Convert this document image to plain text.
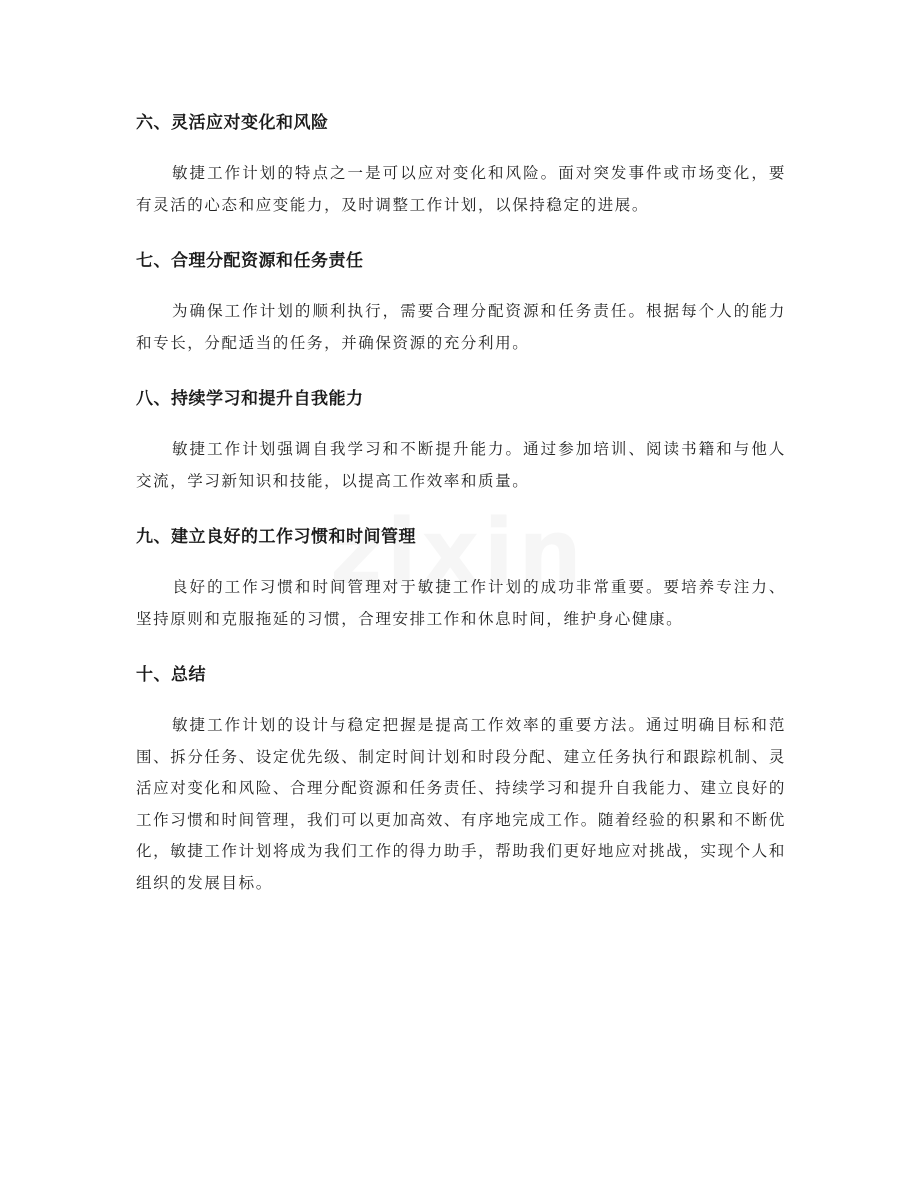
六、灵活应对变化和风险

敏捷工作计划的特点之一是可以应对变化和风险。面对突发事件或市场变化，要有灵活的心态和应变能力，及时调整工作计划，以保持稳定的进展。

七、合理分配资源和任务责任

为确保工作计划的顺利执行，需要合理分配资源和任务责任。根据每个人的能力和专长，分配适当的任务，并确保资源的充分利用。

八、持续学习和提升自我能力

敏捷工作计划强调自我学习和不断提升能力。通过参加培训、阅读书籍和与他人交流，学习新知识和技能，以提高工作效率和质量。

九、建立良好的工作习惯和时间管理

良好的工作习惯和时间管理对于敏捷工作计划的成功非常重要。要培养专注力、坚持原则和克服拖延的习惯，合理安排工作和休息时间，维护身心健康。

十、总结

敏捷工作计划的设计与稳定把握是提高工作效率的重要方法。通过明确目标和范围、拆分任务、设定优先级、制定时间计划和时段分配、建立任务执行和跟踪机制、灵活应对变化和风险、合理分配资源和任务责任、持续学习和提升自我能力、建立良好的工作习惯和时间管理，我们可以更加高效、有序地完成工作。随着经验的积累和不断优化，敏捷工作计划将成为我们工作的得力助手，帮助我们更好地应对挑战，实现个人和组织的发展目标。
